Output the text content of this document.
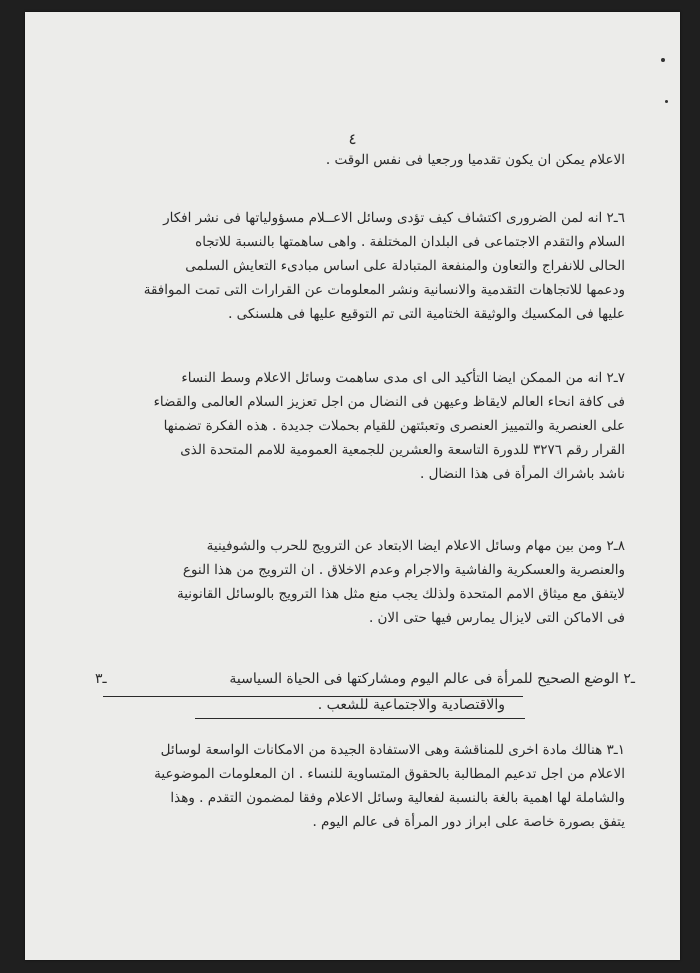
٤
الاعلام يمكن ان يكون تقدميا ورجعيا فى نفس الوقت .
٦ـ٢ انه لمن الضرورى اكتشاف كيف تؤدى وسائل الاعــلام مسؤولياتها فى نشر افكار
السلام والتقدم الاجتماعى فى البلدان المختلفة . واهى ساهمتها بالنسبة للاتجاه
الحالى للانفراج والتعاون والمنفعة المتبادلة على اساس مبادىء التعايش السلمى
ودعمها للاتجاهات التقدمية والانسانية ونشر المعلومات عن القرارات التى تمت الموافقة
عليها فى المكسيك والوثيقة الختامية التى تم التوقيع عليها فى هلسنكى .
٧ـ٢ انه من الممكن ايضا التأكيد الى اى مدى ساهمت وسائل الاعلام وسط النساء
فى كافة انحاء العالم لايقاظ وعيهن فى النضال من اجل تعزيز السلام العالمى والقضاء
على العنصرية والتمييز العنصرى وتعبئتهن للقيام بحملات جديدة . هذه الفكرة تضمنها
القرار رقم ٣٢٧٦ للدورة التاسعة والعشرين للجمعية العمومية للامم المتحدة الذى
ناشد باشراك المرأة فى هذا النضال .
٨ـ٢ ومن بين مهام وسائل الاعلام ايضا الابتعاد عن الترويج للحرب والشوفينية
والعنصرية والعسكرية والفاشية والاجرام وعدم الاخلاق . ان الترويج من هذا النوع
لايتفق مع ميثاق الامم المتحدة ولذلك يجب منع مثل هذا الترويج بالوسائل القانونية
فى الاماكن التى لايزال يمارس فيها حتى الان .
ـ٣	ـ٢ الوضع الصحيح للمرأة فى عالم اليوم ومشاركتها فى الحياة السياسية
والاقتصادية والاجتماعية للشعب .
١ـ٣ هنالك مادة اخرى للمناقشة وهى الاستفادة الجيدة من الامكانات الواسعة لوسائل
الاعلام من اجل تدعيم المطالبة بالحقوق المتساوية للنساء . ان المعلومات الموضوعية
والشاملة لها اهمية بالغة بالنسبة لفعالية وسائل الاعلام وفقا لمضمون التقدم . وهذا
يتفق بصورة خاصة على ابراز دور المرأة فى عالم اليوم .
